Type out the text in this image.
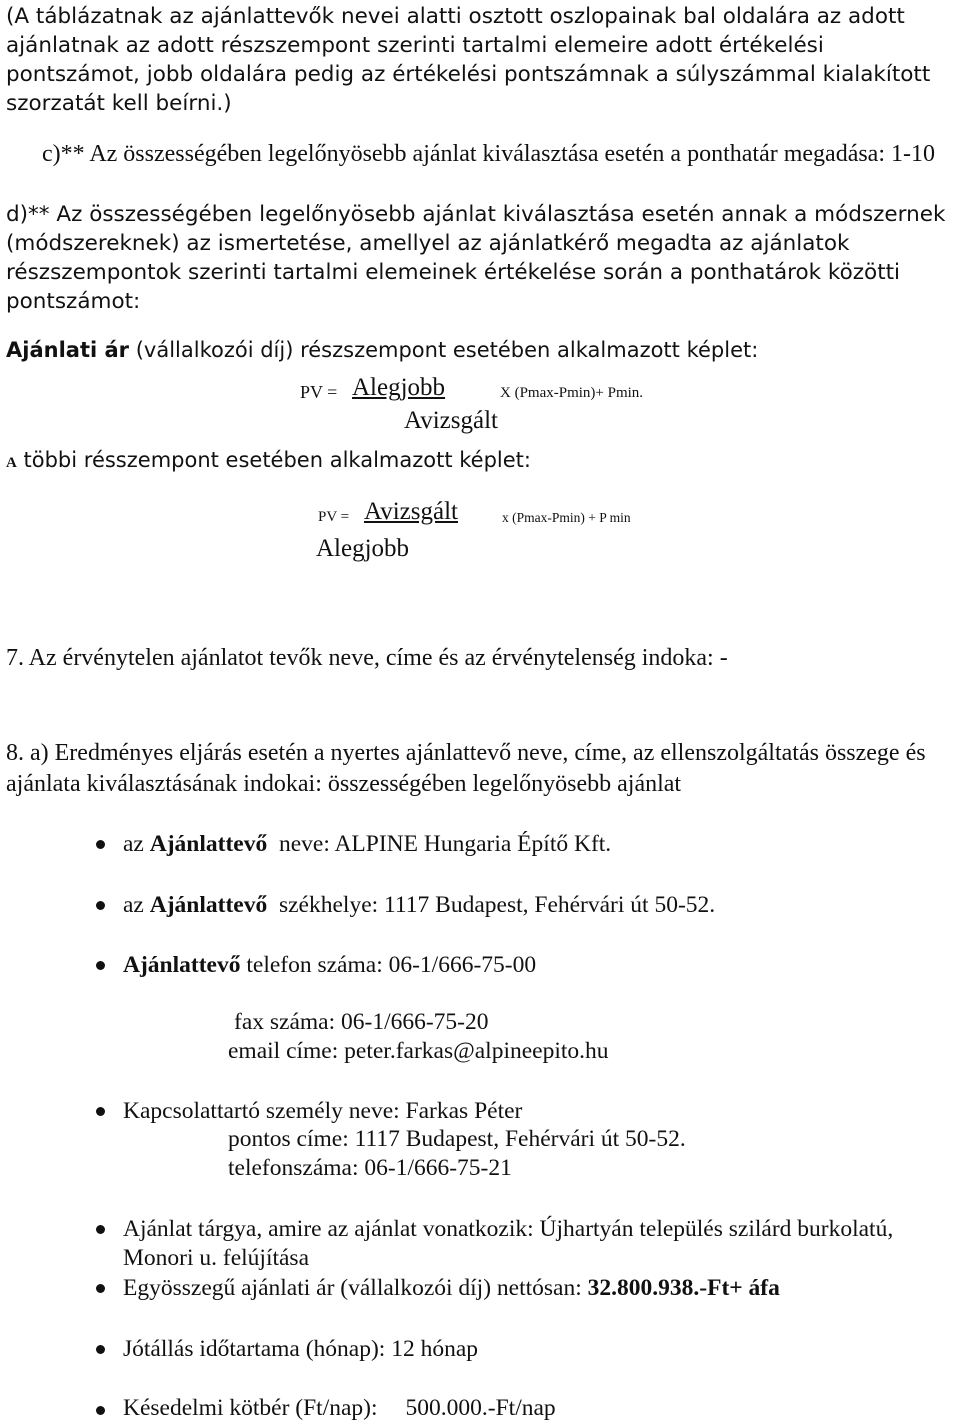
(A táblázatnak az ajánlattevők nevei alatti osztott oszlopainak bal oldalára az adott ajánlatnak az adott részszempont szerinti tartalmi elemeire adott értékelési pontszámot, jobb oldalára pedig az értékelési pontszámnak a súlyszámmal kialakított szorzatát kell beírni.)
c)** Az összességében legelőnyösebb ajánlat kiválasztása esetén a ponthatár megadása: 1-10
d)** Az összességében legelőnyösebb ajánlat kiválasztása esetén annak a módszernek (módszereknek) az ismertetése, amellyel az ajánlatkérő megadta az ajánlatok részszempontok szerinti tartalmi elemeinek értékelése során a ponthatárok közötti pontszámot:
Ajánlati ár (vállalkozói díj) részszempont esetében alkalmazott képlet:
PV = Alegjobb	X (Pmax-Pmin)+ Pmin.
Avizsgált
A többi résszempont esetében alkalmazott képlet:
PV = Avizsgált	x (Pmax-Pmin) + P min
Alegjobb
7. Az érvénytelen ajánlatot tevők neve, címe és az érvénytelenség indoka: -
8. a) Eredményes eljárás esetén a nyertes ajánlattevő neve, címe, az ellenszolgáltatás összege és ajánlata kiválasztásának indokai: összességében legelőnyösebb ajánlat
az Ajánlattevő  neve: ALPINE Hungaria Építő Kft.
az Ajánlattevő  székhelye: 1117 Budapest, Fehérvári út 50-52.
Ajánlattevő telefon száma: 06-1/666-75-00
fax száma: 06-1/666-75-20
email címe: peter.farkas@alpineepito.hu
Kapcsolattartó személy neve: Farkas Péter
pontos címe: 1117 Budapest, Fehérvári út 50-52.
telefonszáma: 06-1/666-75-21
Ajánlat tárgya, amire az ajánlat vonatkozik: Újhartyán település szilárd burkolatú, Monori u. felújítása
Egyösszegű ajánlati ár (vállalkozói díj) nettósan: 32.800.938.-Ft+ áfa
Jótállás időtartama (hónap): 12 hónap
Késedelmi kötbér (Ft/nap): 500.000.-Ft/nap
